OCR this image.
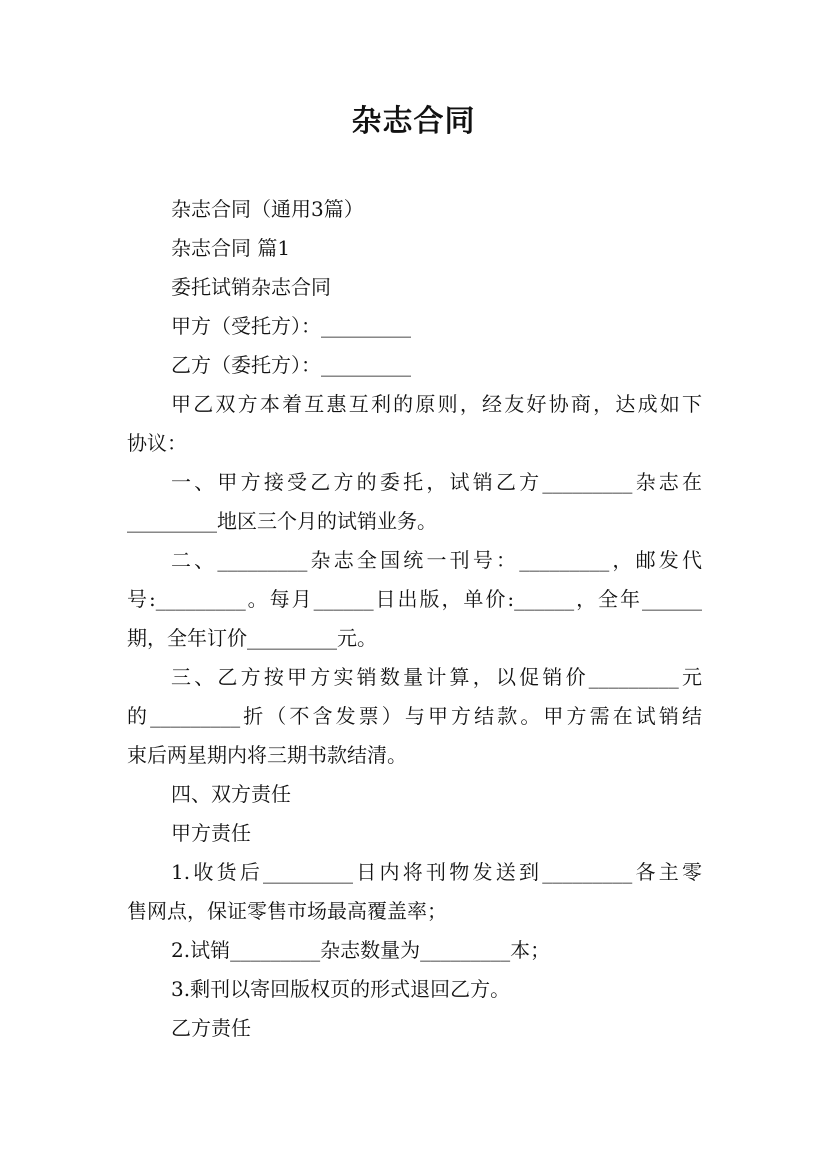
杂志合同
杂志合同（通用3篇）
杂志合同 篇1
委托试销杂志合同
甲方（受托方）：_________
乙方（委托方）：_________
甲乙双方本着互惠互利的原则，经友好协商，达成如下
协议：
一、甲方接受乙方的委托，试销乙方_________杂志在
_________地区三个月的试销业务。
二、_________杂志全国统一刊号：_________，邮发代
号:_________。每月______日出版，单价:______，全年______
期，全年订价_________元。
三、乙方按甲方实销数量计算，以促销价_________元
的_________折（不含发票）与甲方结款。甲方需在试销结
束后两星期内将三期书款结清。
四、双方责任
甲方责任
1.收货后_________日内将刊物发送到_________各主零
售网点，保证零售市场最高覆盖率；
2.试销_________杂志数量为_________本；
3.剩刊以寄回版权页的形式退回乙方。
乙方责任
